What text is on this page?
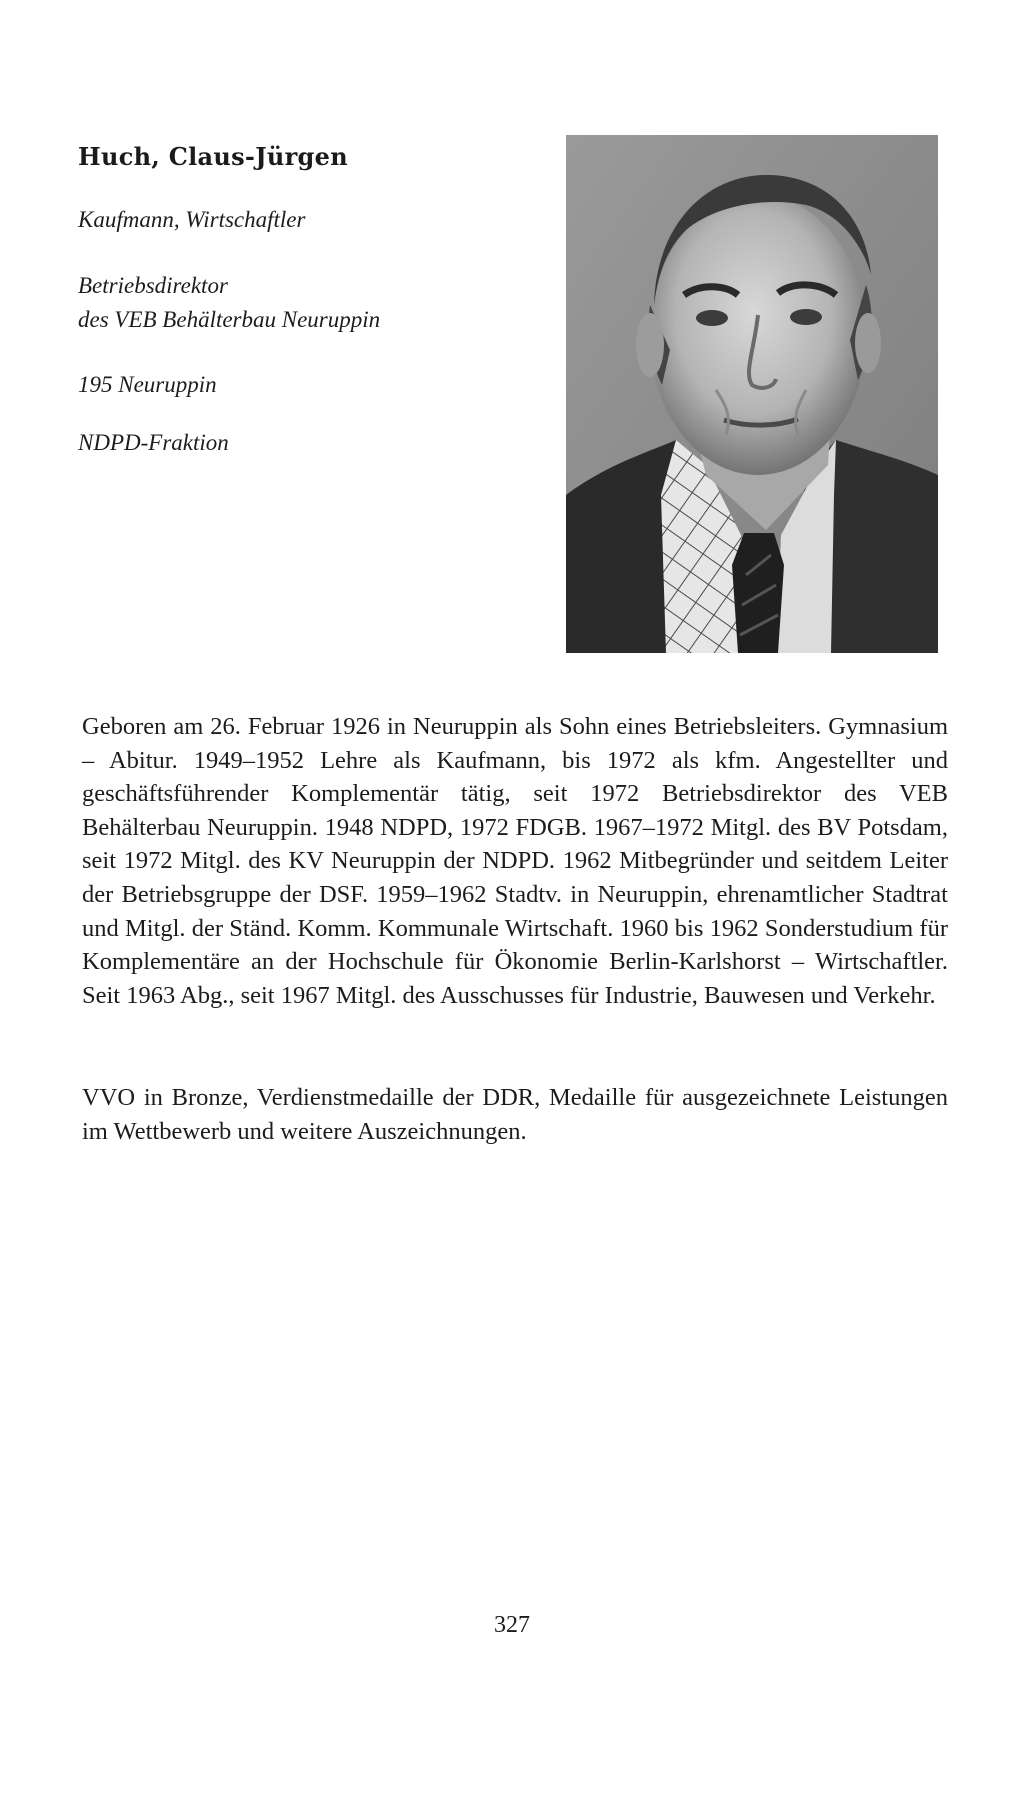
Huch, Claus-Jürgen
Kaufmann, Wirtschaftler
Betriebsdirektor
des VEB Behälterbau Neuruppin
195 Neuruppin
NDPD-Fraktion

Geboren am 26. Februar 1926 in Neuruppin als Sohn eines Betriebsleiters. Gymnasium – Abitur. 1949–1952 Lehre als Kaufmann, bis 1972 als kfm. Angestellter und geschäftsführender Komplementär tätig, seit 1972 Betriebsdirektor des VEB Behälterbau Neuruppin. 1948 NDPD, 1972 FDGB. 1967–1972 Mitgl. des BV Potsdam, seit 1972 Mitgl. des KV Neuruppin der NDPD. 1962 Mitbegründer und seitdem Leiter der Betriebsgruppe der DSF. 1959–1962 Stadtv. in Neuruppin, ehrenamtlicher Stadtrat und Mitgl. der Ständ. Komm. Kommunale Wirtschaft. 1960 bis 1962 Sonderstudium für Komplementäre an der Hochschule für Ökonomie Berlin-Karlshorst – Wirtschaftler. Seit 1963 Abg., seit 1967 Mitgl. des Ausschusses für Industrie, Bauwesen und Verkehr.

VVO in Bronze, Verdienstmedaille der DDR, Medaille für ausgezeichnete Leistungen im Wettbewerb und weitere Auszeichnungen.
327
